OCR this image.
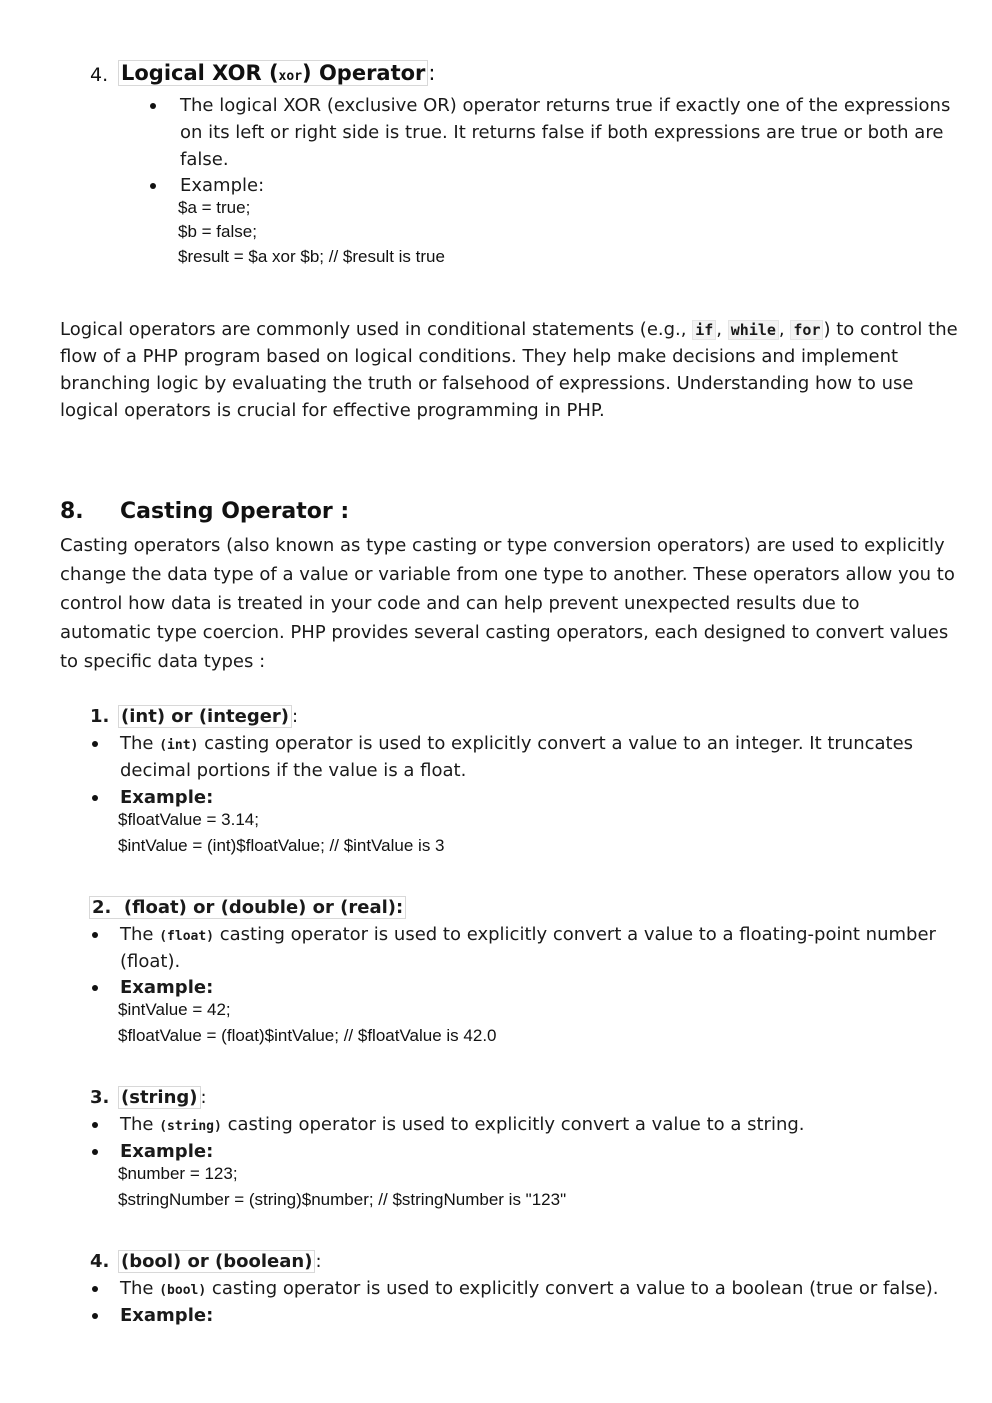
4. Logical XOR (xor) Operator :
The logical XOR (exclusive OR) operator returns true if exactly one of the expressions
on its left or right side is true. It returns false if both expressions are true or both are
false.
Example:
$a = true;
$b = false;
$result = $a xor $b; // $result is true
Logical operators are commonly used in conditional statements (e.g., if , while , for ) to control the
flow of a PHP program based on logical conditions. They help make decisions and implement
branching logic by evaluating the truth or falsehood of expressions. Understanding how to use
logical operators is crucial for effective programming in PHP.
8. Casting Operator :
Casting operators (also known as type casting or type conversion operators) are used to explicitly
change the data type of a value or variable from one type to another. These operators allow you to
control how data is treated in your code and can help prevent unexpected results due to
automatic type coercion. PHP provides several casting operators, each designed to convert values
to specific data types :
1. (int) or (integer) :
The (int) casting operator is used to explicitly convert a value to an integer. It truncates
decimal portions if the value is a float.
Example:
$floatValue = 3.14;
$intValue = (int)$floatValue; // $intValue is 3
2. (float) or (double) or (real):
The (float) casting operator is used to explicitly convert a value to a floating-point number
(float).
Example:
$intValue = 42;
$floatValue = (float)$intValue; // $floatValue is 42.0
3. (string) :
The (string) casting operator is used to explicitly convert a value to a string.
Example:
$number = 123;
$stringNumber = (string)$number; // $stringNumber is "123"
4. (bool) or (boolean) :
The (bool) casting operator is used to explicitly convert a value to a boolean (true or false).
Example:
